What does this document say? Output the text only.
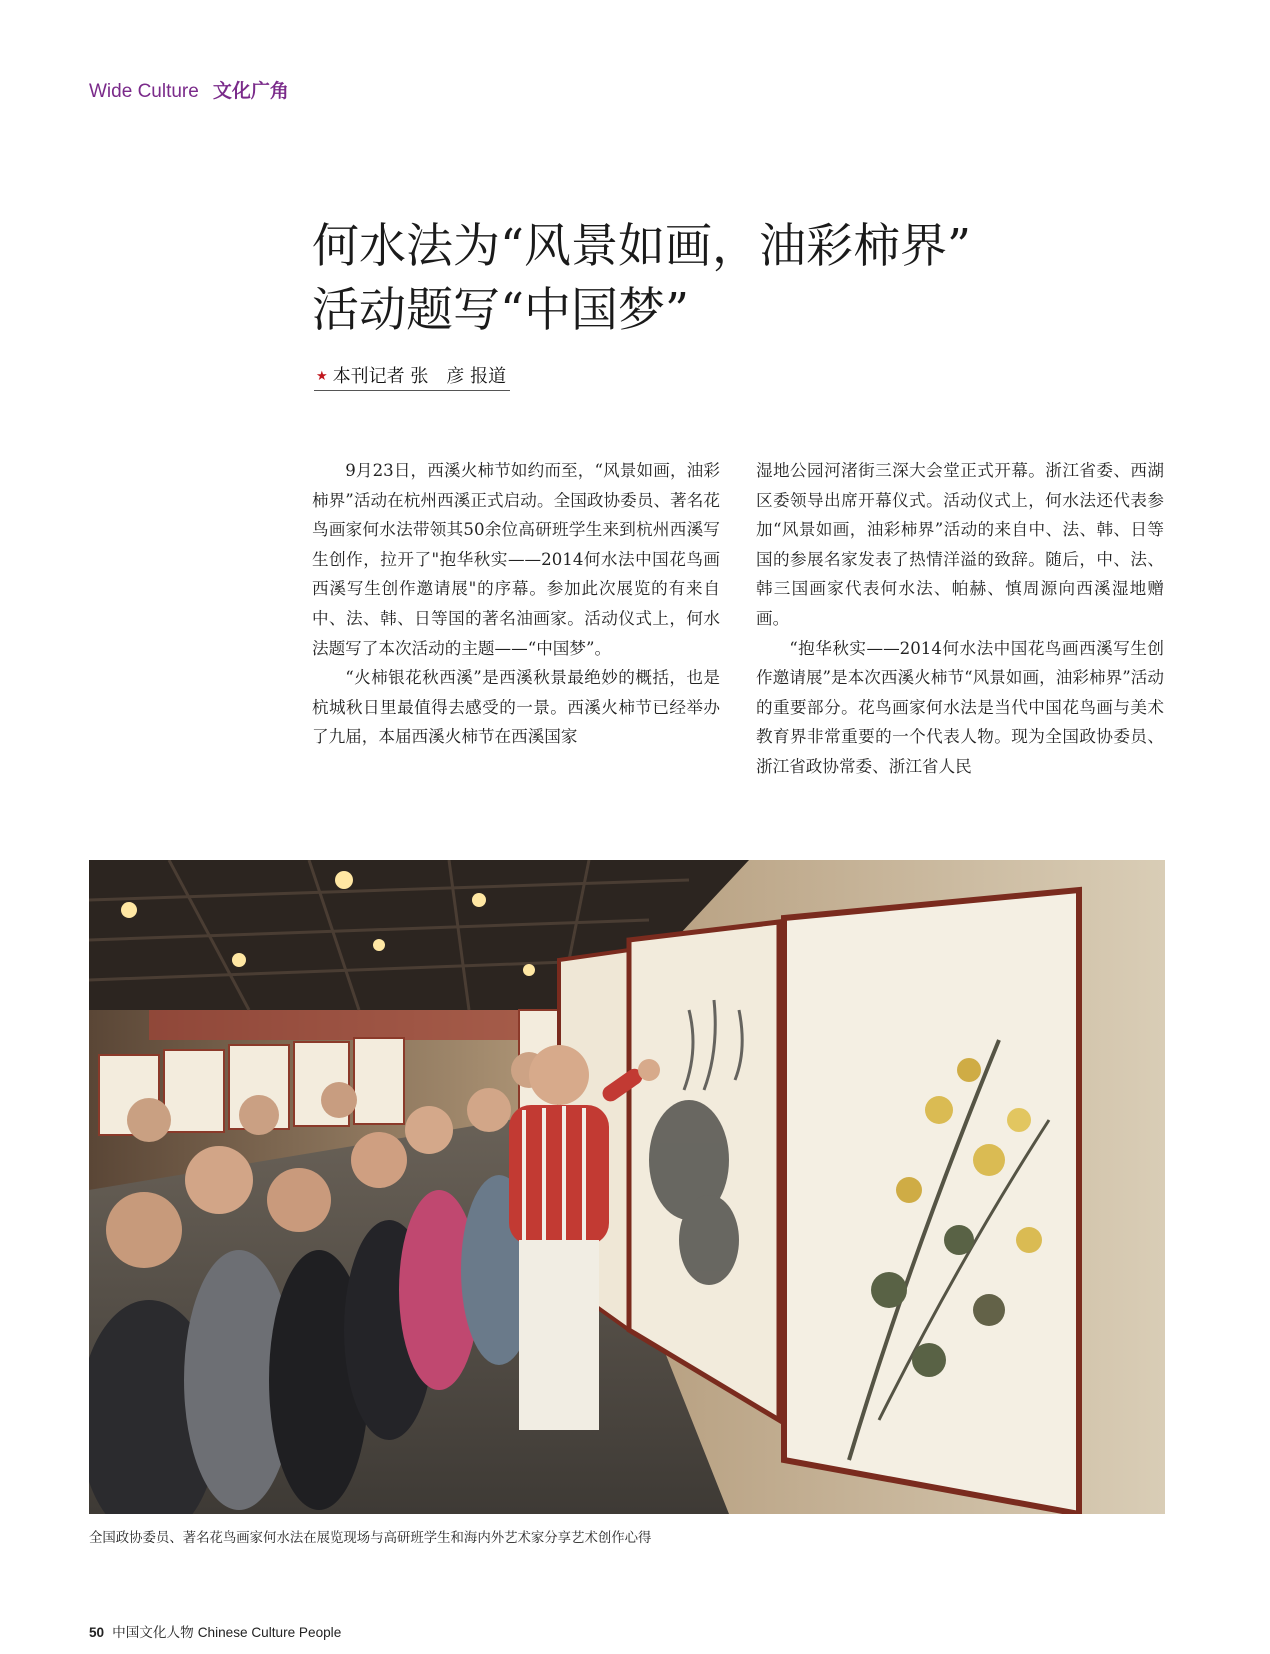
Wide Culture 文化广角
何水法为“风景如画，油彩柿界”
活动题写“中国梦”
★ 本刊记者 张　彦 报道

9月23日，西溪火柿节如约而至，“风景如画，油彩柿界”活动在杭州西溪正式启动。全国政协委员、著名花鸟画家何水法带领其50余位高研班学生来到杭州西溪写生创作，拉开了"抱华秋实——2014何水法中国花鸟画西溪写生创作邀请展"的序幕。参加此次展览的有来自中、法、韩、日等国的著名油画家。活动仪式上，何水法题写了本次活动的主题——“中国梦”。

“火柿银花秋西溪”是西溪秋景最绝妙的概括，也是杭城秋日里最值得去感受的一景。西溪火柿节已经举办了九届，本届西溪火柿节在西溪国家

湿地公园河渚街三深大会堂正式开幕。浙江省委、西湖区委领导出席开幕仪式。活动仪式上，何水法还代表参加“风景如画，油彩柿界”活动的来自中、法、韩、日等国的参展名家发表了热情洋溢的致辞。随后，中、法、韩三国画家代表何水法、帕赫、慎周源向西溪湿地赠画。

“抱华秋实——2014何水法中国花鸟画西溪写生创作邀请展”是本次西溪火柿节“风景如画，油彩柿界”活动的重要部分。花鸟画家何水法是当代中国花鸟画与美术教育界非常重要的一个代表人物。现为全国政协委员、浙江省政协常委、浙江省人民

全国政协委员、著名花鸟画家何水法在展览现场与高研班学生和海内外艺术家分享艺术创作心得
50 中国文化人物 Chinese Culture People
